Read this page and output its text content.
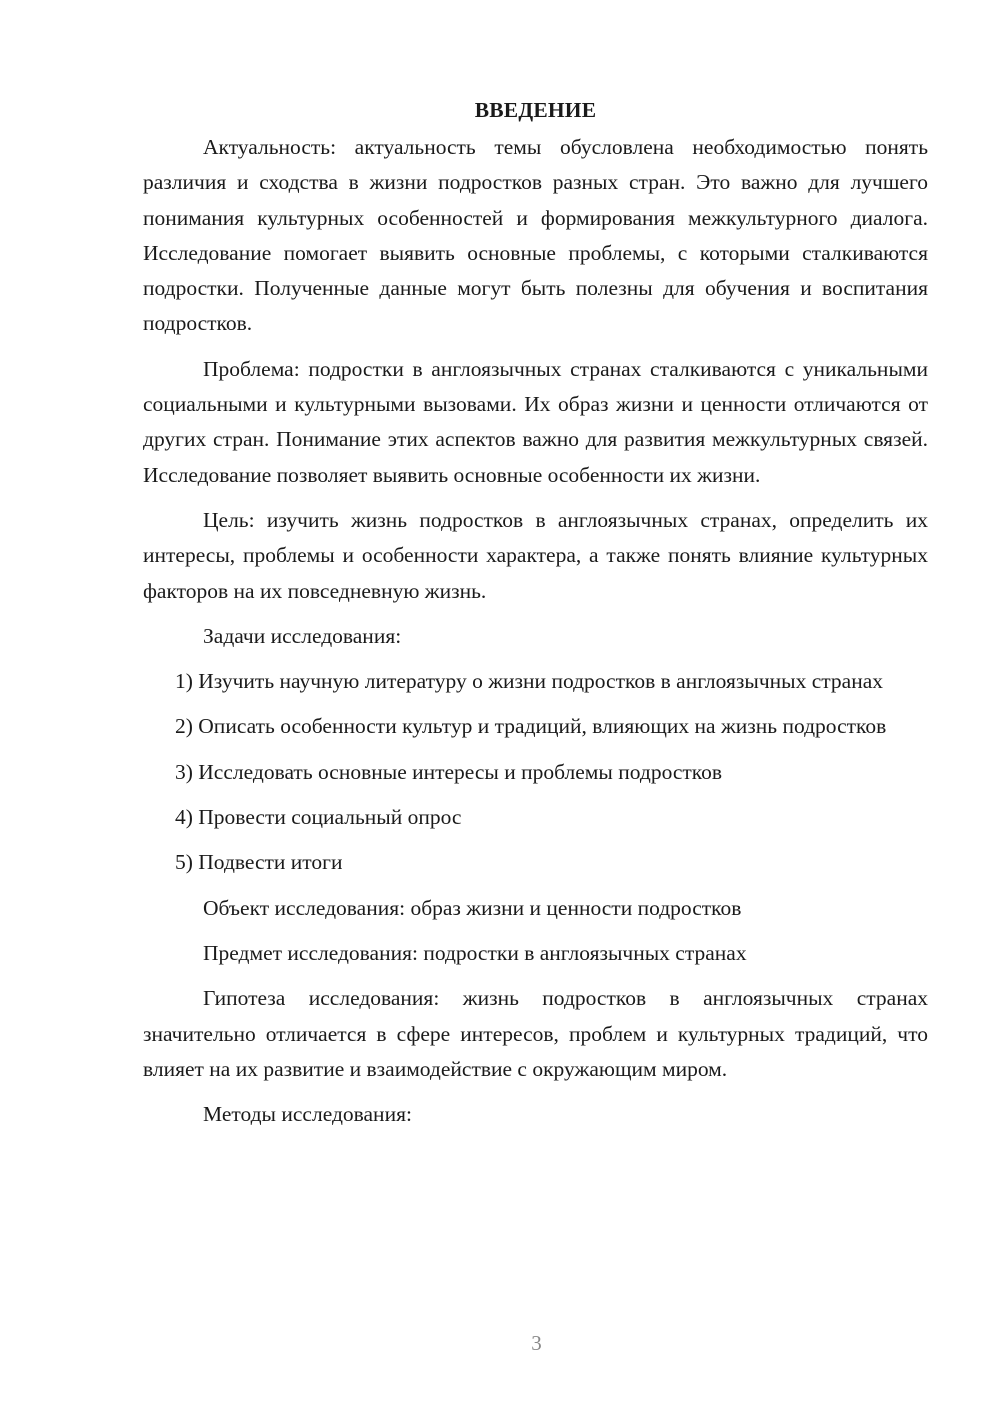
ВВЕДЕНИЕ

Актуальность: актуальность темы обусловлена необходимостью понять различия и сходства в жизни подростков разных стран. Это важно для лучшего понимания культурных особенностей и формирования межкультурного диалога. Исследование помогает выявить основные проблемы, с которыми сталкиваются подростки. Полученные данные могут быть полезны для обучения и воспитания подростков.

Проблема: подростки в англоязычных странах сталкиваются с уникальными социальными и культурными вызовами. Их образ жизни и ценности отличаются от других стран. Понимание этих аспектов важно для развития межкультурных связей. Исследование позволяет выявить основные особенности их жизни.

Цель: изучить жизнь подростков в англоязычных странах, определить их интересы, проблемы и особенности характера, а также понять влияние культурных факторов на их повседневную жизнь.

Задачи исследования:

1) Изучить научную литературу о жизни подростков в англоязычных странах

2) Описать особенности культур и традиций, влияющих на жизнь подростков

3) Исследовать основные интересы и проблемы подростков

4) Провести социальный опрос

5) Подвести итоги

Объект исследования: образ жизни и ценности подростков

Предмет исследования: подростки в англоязычных странах

Гипотеза исследования: жизнь подростков в англоязычных странах значительно отличается в сфере интересов, проблем и культурных традиций, что влияет на их развитие и взаимодействие с окружающим миром.

Методы исследования:

3
